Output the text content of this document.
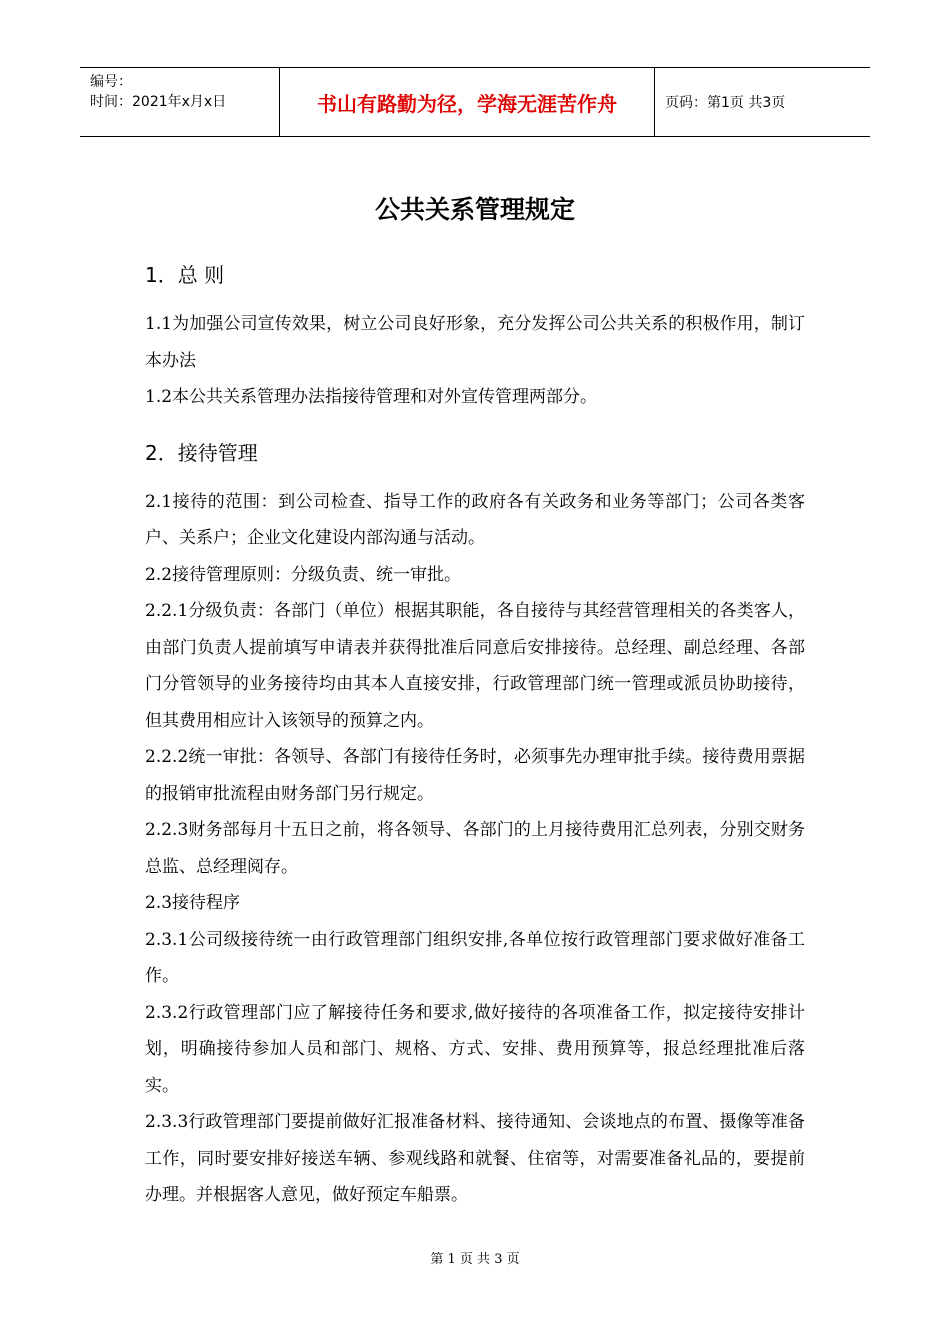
编号：
时间：2021年x月x日	书山有路勤为径，学海无涯苦作舟	页码：第1页 共3页
公共关系管理规定
1．总 则

1.1为加强公司宣传效果，树立公司良好形象，充分发挥公司公共关系的积极作用，制订本办法

1.2本公共关系管理办法指接待管理和对外宣传管理两部分。

2．接待管理

2.1接待的范围：到公司检查、指导工作的政府各有关政务和业务等部门；公司各类客户、关系户；企业文化建设内部沟通与活动。

2.2接待管理原则：分级负责、统一审批。

2.2.1分级负责：各部门（单位）根据其职能，各自接待与其经营管理相关的各类客人，由部门负责人提前填写申请表并获得批准后同意后安排接待。总经理、副总经理、各部门分管领导的业务接待均由其本人直接安排，行政管理部门统一管理或派员协助接待，但其费用相应计入该领导的预算之内。

2.2.2统一审批：各领导、各部门有接待任务时，必须事先办理审批手续。接待费用票据的报销审批流程由财务部门另行规定。

2.2.3财务部每月十五日之前，将各领导、各部门的上月接待费用汇总列表，分别交财务总监、总经理阅存。

2.3接待程序

2.3.1公司级接待统一由行政管理部门组织安排,各单位按行政管理部门要求做好准备工作。

2.3.2行政管理部门应了解接待任务和要求,做好接待的各项准备工作，拟定接待安排计划，明确接待参加人员和部门、规格、方式、安排、费用预算等，报总经理批准后落实。

2.3.3行政管理部门要提前做好汇报准备材料、接待通知、会谈地点的布置、摄像等准备工作，同时要安排好接送车辆、参观线路和就餐、住宿等，对需要准备礼品的，要提前办理。并根据客人意见，做好预定车船票。

第 1 页 共 3 页
